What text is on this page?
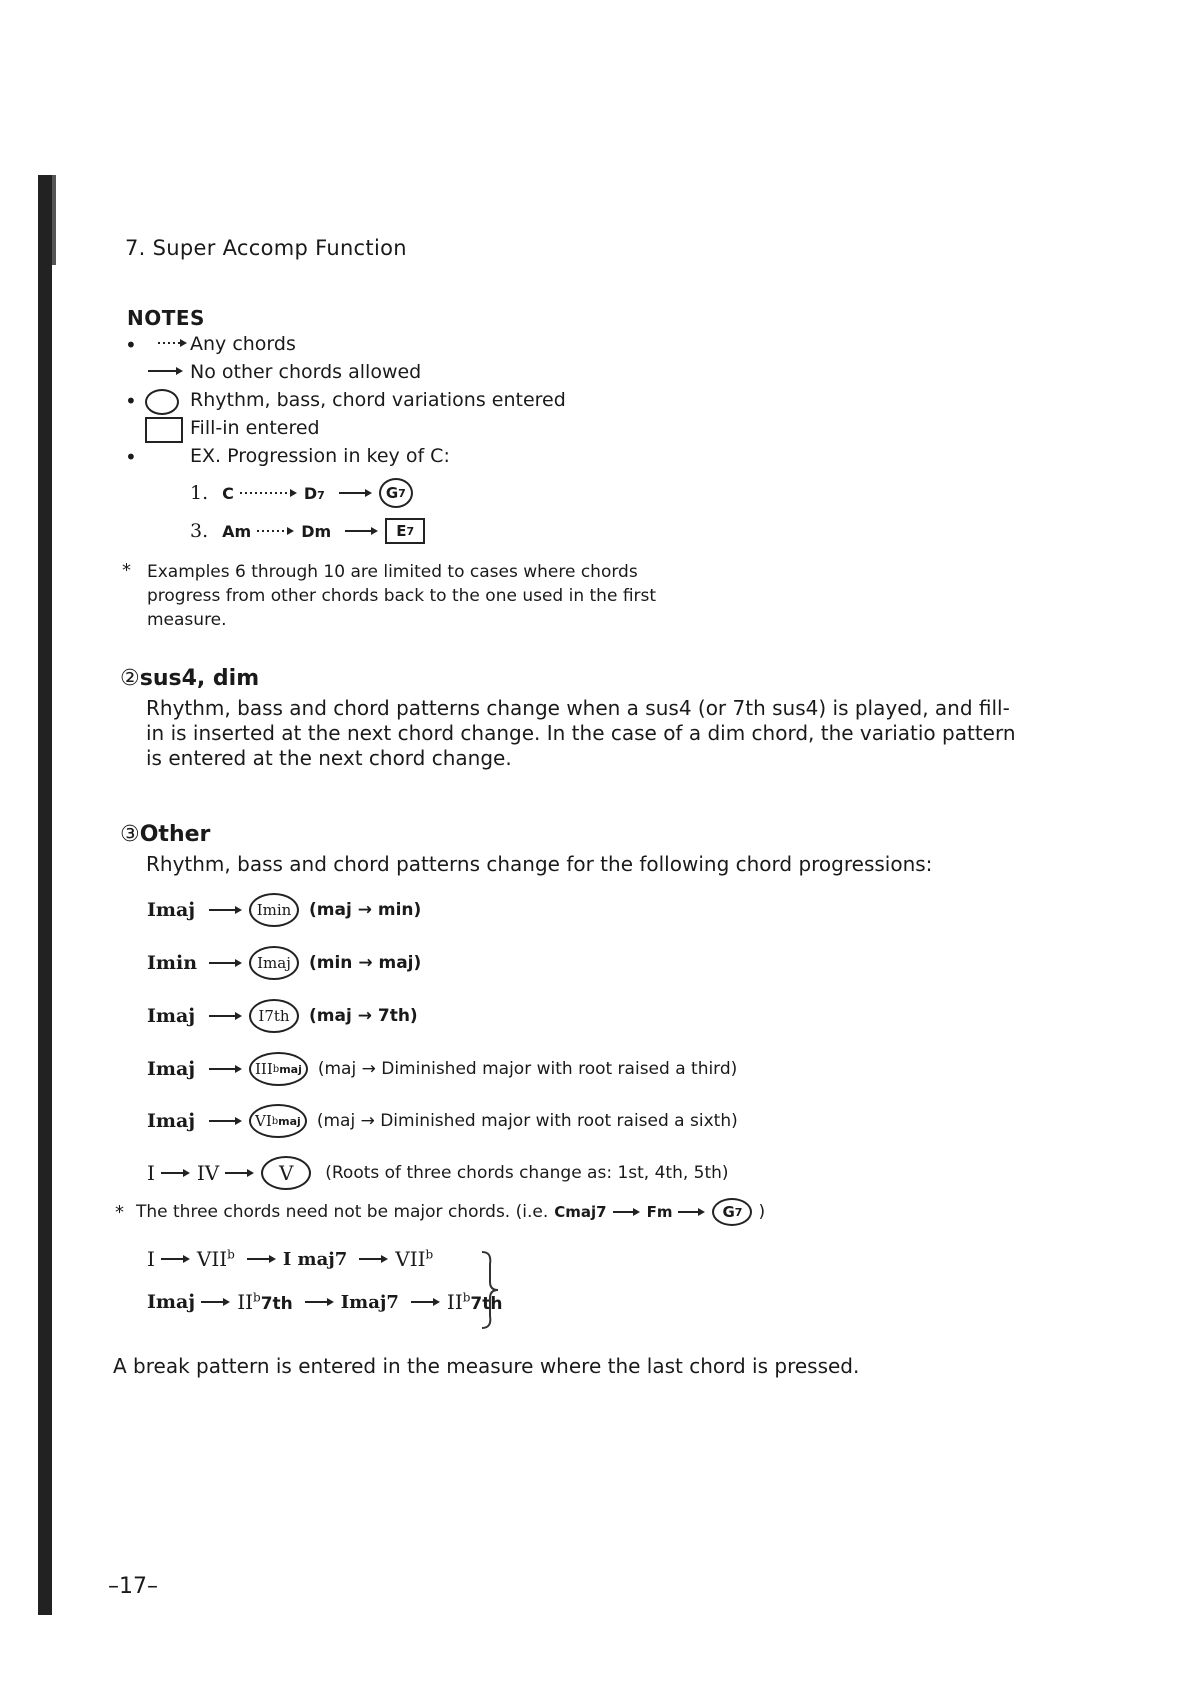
7. Super Accomp Function
NOTES
•	Any chords
No other chords allowed
•	Rhythm, bass, chord variations entered
Fill-in entered
•	EX. Progression in key of C:
1. C	D7	G 7
3. Am	Dm	E 7
* Examples 6 through 10 are limited to cases where chords progress from other chords back to the one used in the first measure.
②sus4, dim
Rhythm, bass and chord patterns change when a sus4 (or 7th sus4) is played, and fill-in is inserted at the next chord change. In the case of a dim chord, the variatio pattern is entered at the next chord change.
③Other
Rhythm, bass and chord patterns change for the following chord progressions:
Imaj	Imin	(maj → min)
Imin	Imaj	(min → maj)
Imaj	I7th	(maj → 7th)
Imaj	III b maj (maj → Diminished major with root raised a third)
Imaj	VI b maj (maj → Diminished major with root raised a sixth)
I IV	V	(Roots of three chords change as: 1st, 4th, 5th)
* The three chords need not be major chords. (i.e. Cmaj7	Fm	G 7 )
I VII$^b$	I maj7 VII$^b$
Imaj $II^b7th$	Imaj7 $II^b7th$
A break pattern is entered in the measure where the last chord is pressed.
–17–
